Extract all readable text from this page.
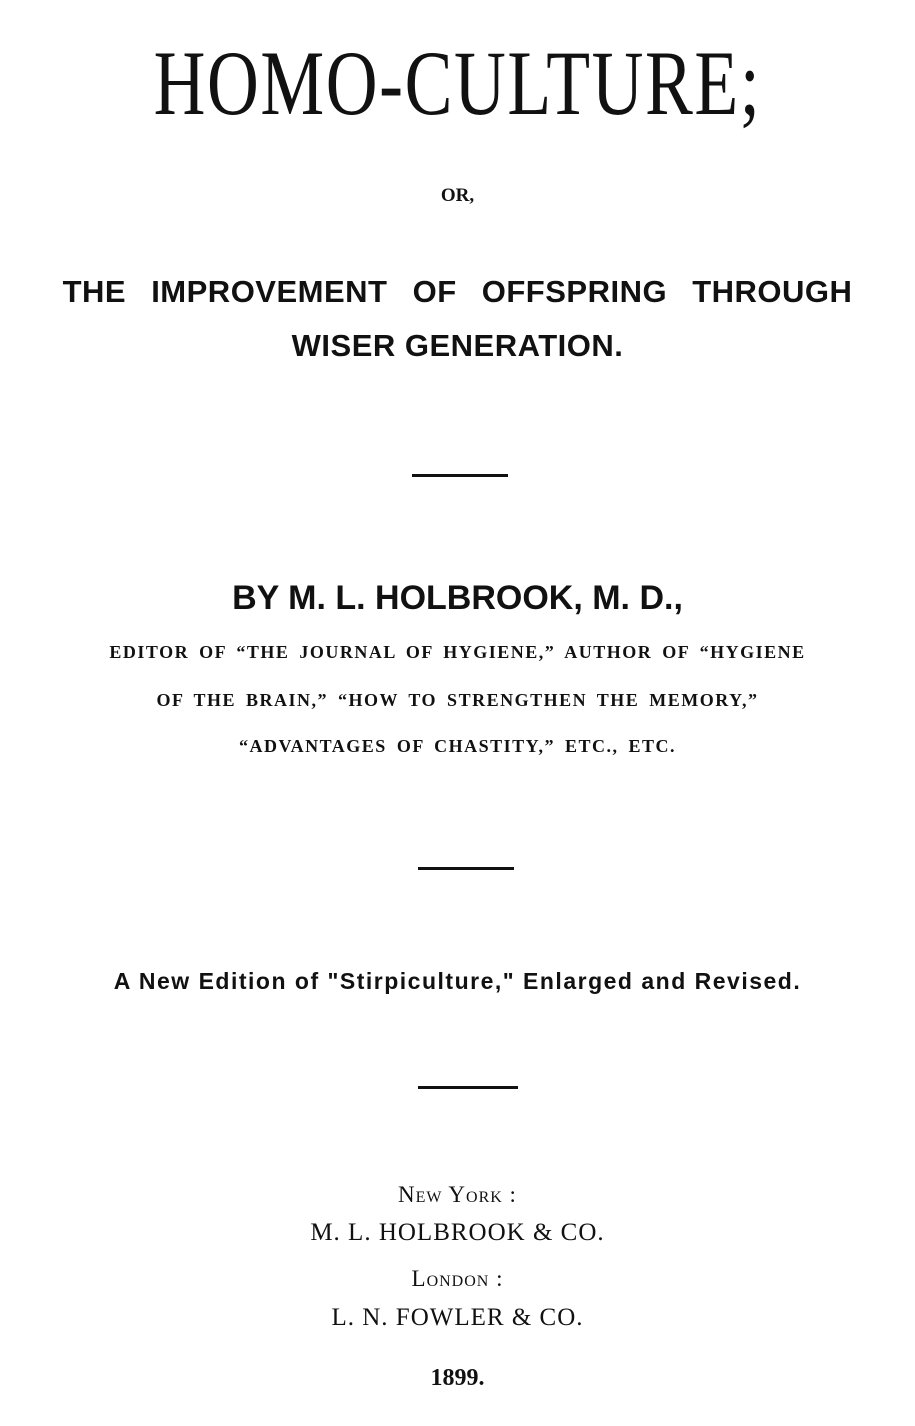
HOMO-CULTURE;
OR,
THE IMPROVEMENT OF OFFSPRING THROUGH
WISER GENERATION.
BY M. L. HOLBROOK, M. D.,
EDITOR OF “THE JOURNAL OF HYGIENE,” AUTHOR OF “HYGIENE
OF THE BRAIN,” “HOW TO STRENGTHEN THE MEMORY,”
“ADVANTAGES OF CHASTITY,” ETC., ETC.
A New Edition of "Stirpiculture," Enlarged and Revised.
New York :
M. L. HOLBROOK & CO.
London :
L. N. FOWLER & CO.
1899.
